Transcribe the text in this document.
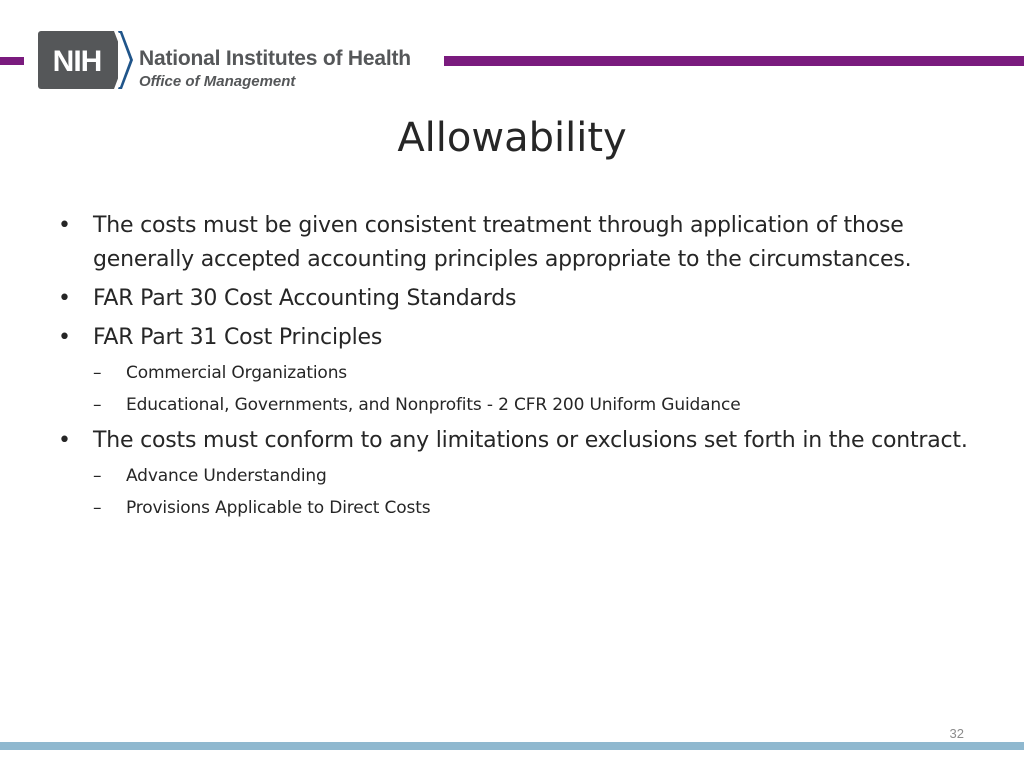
NIH National Institutes of Health
Office of Management
Allowability
• The costs must be given consistent treatment through application of those generally accepted accounting principles appropriate to the circumstances.
• FAR Part 30 Cost Accounting Standards
• FAR Part 31 Cost Principles
– Commercial Organizations
– Educational, Governments, and Nonprofits - 2 CFR 200 Uniform Guidance
• The costs must conform to any limitations or exclusions set forth in the contract.
– Advance Understanding
– Provisions Applicable to Direct Costs
32
